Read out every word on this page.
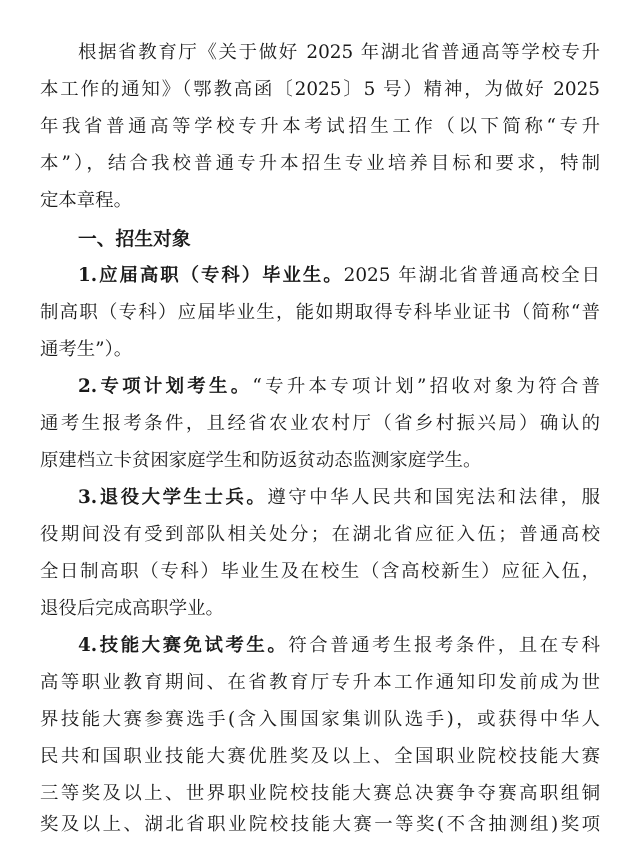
根据省教育厅《关于做好 2025 年湖北省普通高等学校专升
本工作的通知》（鄂教高函〔2025〕5 号）精神，为做好 2025
年我省普通高等学校专升本考试招生工作（以下简称“专升
本”），结合我校普通专升本招生专业培养目标和要求，特制
定本章程。
一、招生对象
1.应届高职（专科）毕业生。2025 年湖北省普通高校全日
制高职（专科）应届毕业生，能如期取得专科毕业证书（简称“普
通考生”）。
2.专项计划考生。“专升本专项计划”招收对象为符合普
通考生报考条件，且经省农业农村厅（省乡村振兴局）确认的
原建档立卡贫困家庭学生和防返贫动态监测家庭学生。
3.退役大学生士兵。遵守中华人民共和国宪法和法律，服
役期间没有受到部队相关处分；在湖北省应征入伍；普通高校
全日制高职（专科）毕业生及在校生（含高校新生）应征入伍，
退役后完成高职学业。
4.技能大赛免试考生。符合普通考生报考条件，且在专科
高等职业教育期间、在省教育厅专升本工作通知印发前成为世
界技能大赛参赛选手(含入围国家集训队选手)，或获得中华人
民共和国职业技能大赛优胜奖及以上、全国职业院校技能大赛
三等奖及以上、世界职业院校技能大赛总决赛争夺赛高职组铜
奖及以上、湖北省职业院校技能大赛一等奖(不含抽测组)奖项
